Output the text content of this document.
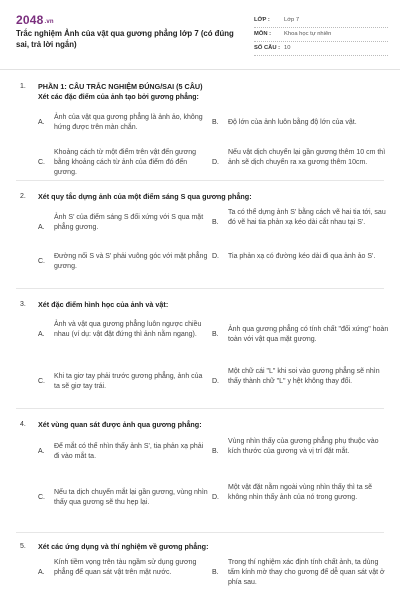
2048.vn
Trắc nghiệm Ảnh của vật qua gương phẳng lớp 7 (có đúng sai, trả lời ngắn)
LỚP :	Lớp 7
MÔN :	Khoa học tự nhiên
SỐ CÂU : 10
1. PHẦN 1: CÂU TRẮC NGHIỆM ĐÚNG/SAI (5 CÂU)
Xét các đặc điểm của ảnh tạo bởi gương phẳng:
A.
Ảnh của vật qua gương phẳng là ảnh ảo, không hứng được trên màn chắn.
B.	Độ lớn của ảnh luôn bằng độ lớn của vật.
C.
Khoảng cách từ một điểm trên vật đến gương bằng khoảng cách từ ảnh của điểm đó đến gương.
D.
Nếu vật dịch chuyển lại gần gương thêm 10 cm thì ảnh sẽ dịch chuyển ra xa gương thêm 10cm.
2. Xét quy tắc dựng ảnh của một điểm sáng S qua gương phẳng:
A.
Ảnh S' của điểm sáng S đối xứng với S qua mặt phẳng gương.
B.
Ta có thể dựng ảnh S' bằng cách vẽ hai tia tới, sau đó vẽ hai tia phản xạ kéo dài cắt nhau tại S'.
C.
Đường nối S và S' phải vuông góc với mặt phẳng gương.
D.	Tia phản xạ có đường kéo dài đi qua ảnh ảo S'.
3. Xét đặc điểm hình học của ảnh và vật:
A.
Ảnh và vật qua gương phẳng luôn ngược chiều nhau (ví dụ: vật đặt đứng thì ảnh nằm ngang).	B.
Ảnh qua gương phẳng có tính chất "đối xứng" hoàn toàn với vật qua mặt gương.
C.
Khi ta giơ tay phải trước gương phẳng, ảnh của ta sẽ giơ tay trái.
D.
Một chữ cái "L" khi soi vào gương phẳng sẽ nhìn thấy thành chữ "L" y hệt không thay đổi.
4. Xét vùng quan sát được ảnh qua gương phẳng:
A.
Để mắt có thể nhìn thấy ảnh S', tia phản xạ phải đi vào mắt ta.
B.
Vùng nhìn thấy của gương phẳng phụ thuộc vào kích thước của gương và vị trí đặt mắt.
C.
Nếu ta dịch chuyển mắt lại gần gương, vùng nhìn thấy qua gương sẽ thu hẹp lại.
D.
Một vật đặt nằm ngoài vùng nhìn thấy thì ta sẽ không nhìn thấy ảnh của nó trong gương.
5. Xét các ứng dụng và thí nghiệm về gương phẳng:
A.
Kính tiềm vọng trên tàu ngầm sử dụng gương phẳng để quan sát vật trên mặt nước.	B.
Trong thí nghiệm xác định tính chất ảnh, ta dùng tấm kính mờ thay cho gương để dễ quan sát vật ở phía sau.
